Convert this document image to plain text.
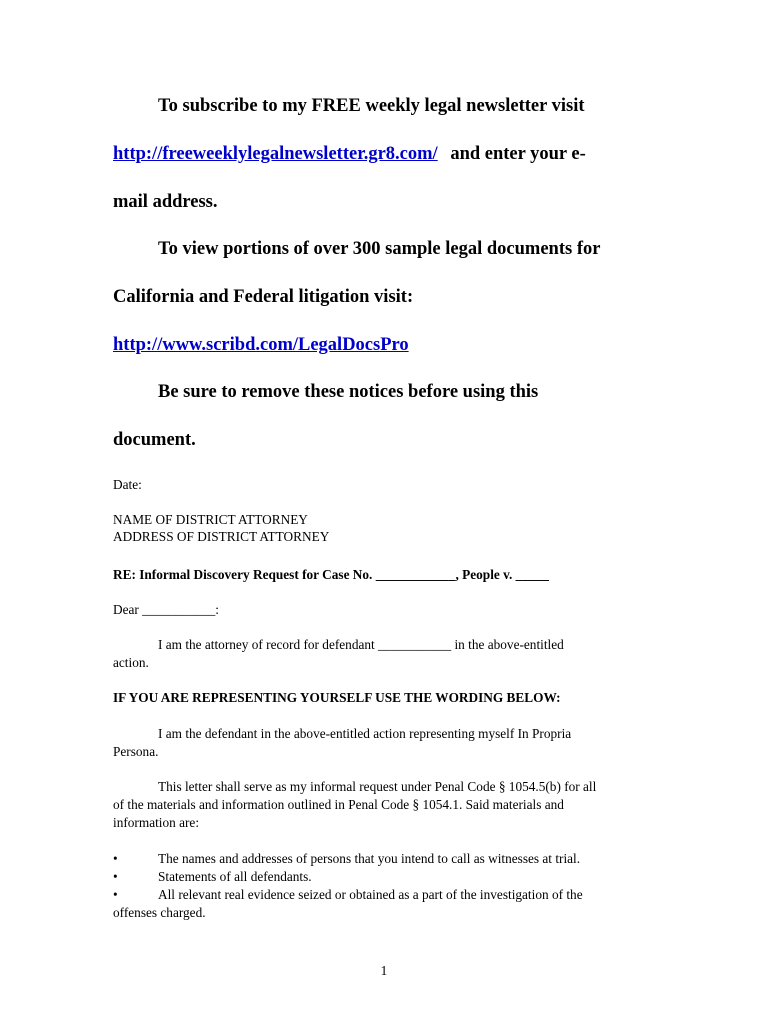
To subscribe to my FREE weekly legal newsletter visit
http://freeweeklylegalnewsletter.gr8.com/ and enter your e-
mail address.
To view portions of over 300 sample legal documents for
California and Federal litigation visit:
http://www.scribd.com/LegalDocsPro
Be sure to remove these notices before using this
document.
Date:
NAME OF DISTRICT ATTORNEY
ADDRESS OF DISTRICT ATTORNEY
RE: Informal Discovery Request for Case No. ____________, People v. _____
Dear ___________:
I am the attorney of record for defendant ___________ in the above-entitled
action.
IF YOU ARE REPRESENTING YOURSELF USE THE WORDING BELOW:
I am the defendant in the above-entitled action representing myself In Propria
Persona.
This letter shall serve as my informal request under Penal Code § 1054.5(b) for all
of the materials and information outlined in Penal Code § 1054.1. Said materials and
information are:
•	The names and addresses of persons that you intend to call as witnesses at trial.
•	Statements of all defendants.
•	All relevant real evidence seized or obtained as a part of the investigation of the
offenses charged.
1
